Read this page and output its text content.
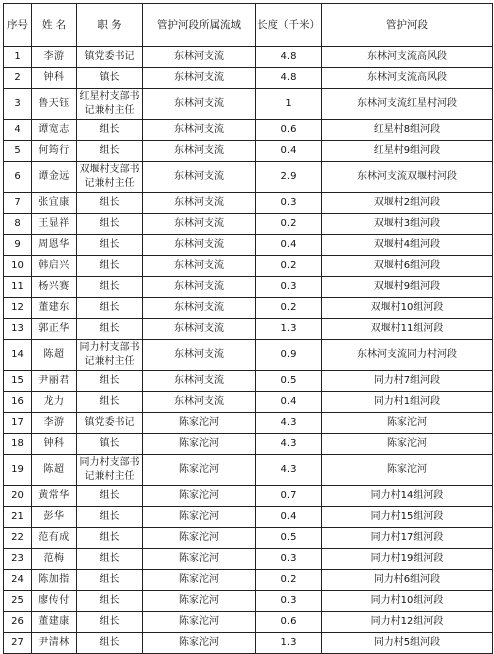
序号	姓 名	职 务	管护河段所属流域	长度（千米）	管护河段
1	李游	镇党委书记	东林河支流	4.8	东林河支流高风段
2	钟科	镇长	东林河支流	4.8	东林河支流高风段
3	鲁天钰	红星村支部书记兼村主任	东林河支流	1	东林河支流红星村河段
4	谭宽志	组长	东林河支流	0.6	红星村8组河段
5	何筠行	组长	东林河支流	0.4	红星村9组河段
6	谭金远	双堰村支部书记兼村主任	东林河支流	2.9	东林河支流双堰村河段
7	张宜康	组长	东林河支流	0.3	双堰村2组河段
8	王显祥	组长	东林河支流	0.2	双堰村3组河段
9	周恩华	组长	东林河支流	0.4	双堰村4组河段
10	韩启兴	组长	东林河支流	0.2	双堰村6组河段
11	杨兴赛	组长	东林河支流	0.3	双堰村9组河段
12	董建东	组长	东林河支流	0.2	双堰村10组河段
13	郭正华	组长	东林河支流	1.3	双堰村11组河段
14	陈超	同力村支部书记兼村主任	东林河支流	0.9	东林河支流同力村河段
15	尹丽君	组长	东林河支流	0.5	同力村7组河段
16	龙力	组长	东林河支流	0.4	同力村1组河段
17	李游	镇党委书记	陈家沱河	4.3	陈家沱河
18	钟科	镇长	陈家沱河	4.3	陈家沱河
19	陈超	同力村支部书记兼村主任	陈家沱河	4.3	陈家沱河
20	黄常华	组长	陈家沱河	0.7	同力村14组河段
21	彭华	组长	陈家沱河	0.4	同力村15组河段
22	范有成	组长	陈家沱河	0.5	同力村17组河段
23	范梅	组长	陈家沱河	0.3	同力村19组河段
24	陈加指	组长	陈家沱河	0.2	同力村6组河段
25	廖传付	组长	陈家沱河	0.3	同力村10组河段
26	董建康	组长	陈家沱河	0.6	同力村12组河段
27	尹清林	组长	陈家沱河	1.3	同力村5组河段
